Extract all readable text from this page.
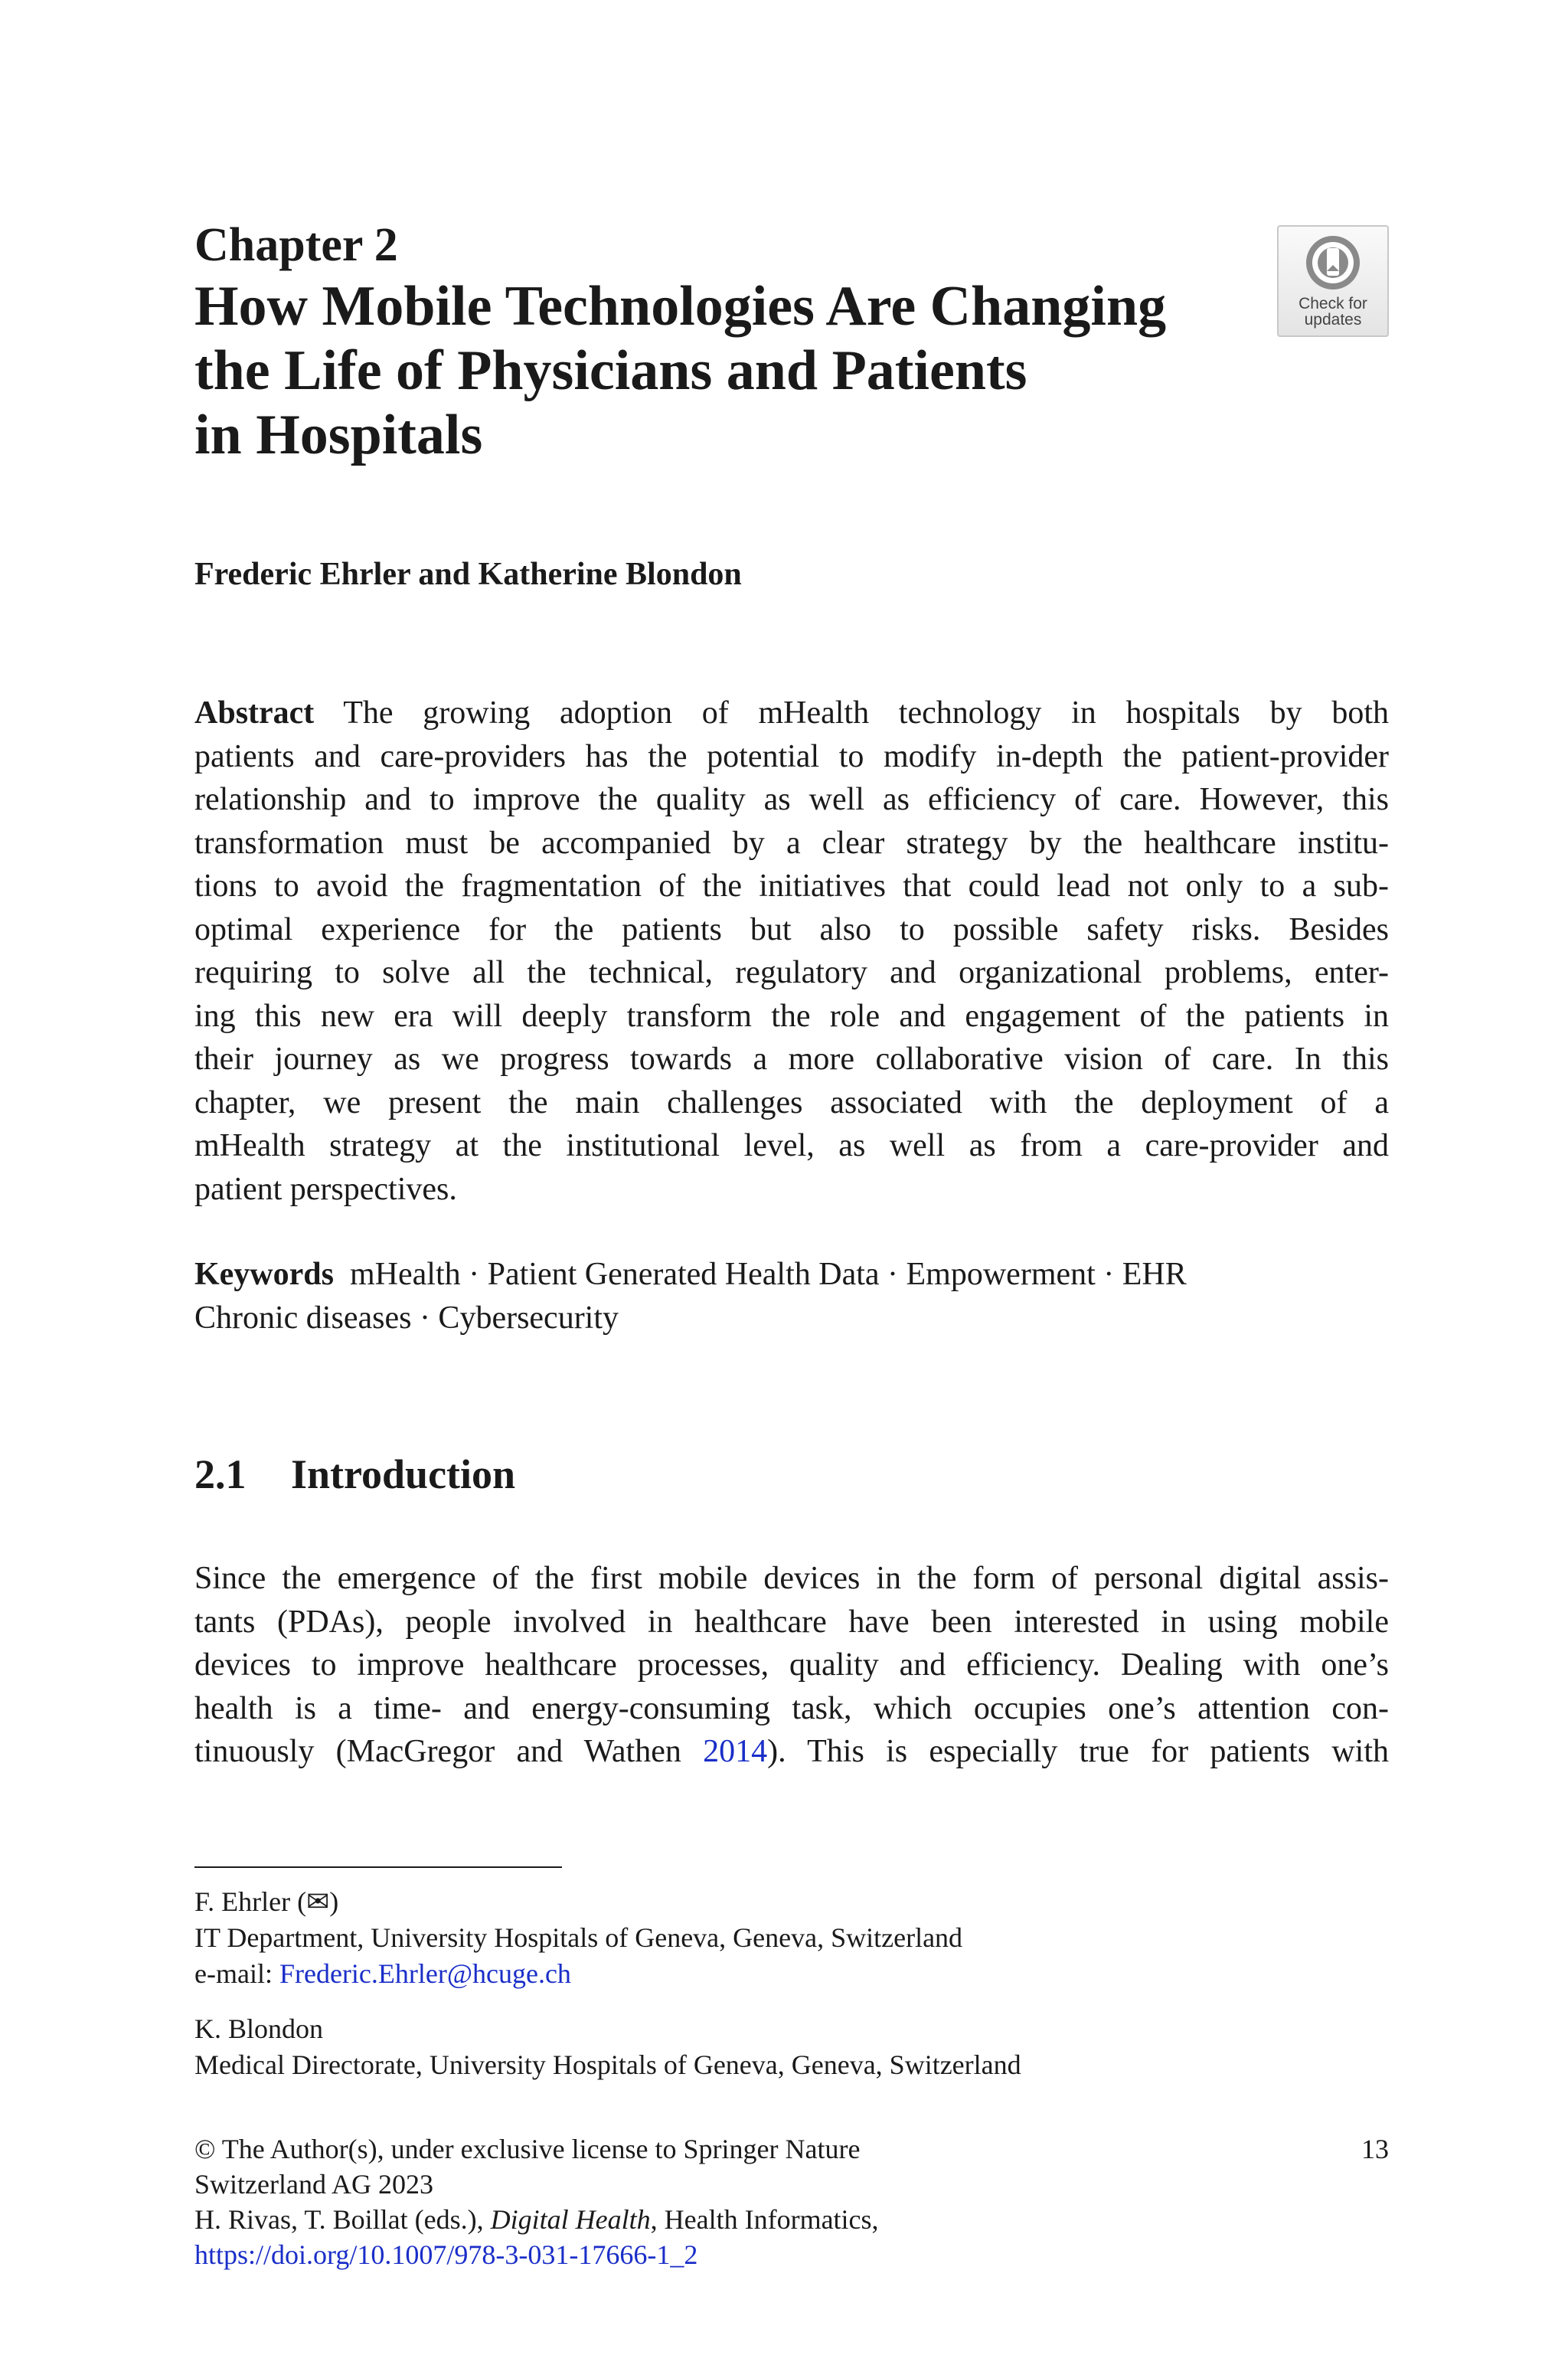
Chapter 2
How Mobile Technologies Are Changing
the Life of Physicians and Patients
in Hospitals
Check for
updates
Frederic Ehrler and Katherine Blondon
Abstract The growing adoption of mHealth technology in hospitals by both
patients and care-providers has the potential to modify in-depth the patient-provider
relationship and to improve the quality as well as efficiency of care. However, this
transformation must be accompanied by a clear strategy by the healthcare institu-
tions to avoid the fragmentation of the initiatives that could lead not only to a sub-
optimal experience for the patients but also to possible safety risks. Besides
requiring to solve all the technical, regulatory and organizational problems, enter-
ing this new era will deeply transform the role and engagement of the patients in
their journey as we progress towards a more collaborative vision of care. In this
chapter, we present the main challenges associated with the deployment of a
mHealth strategy at the institutional level, as well as from a care-provider and
patient perspectives.
Keywords mHealth · Patient Generated Health Data · Empowerment · EHR
Chronic diseases · Cybersecurity
2.1 Introduction
Since the emergence of the first mobile devices in the form of personal digital assis-
tants (PDAs), people involved in healthcare have been interested in using mobile
devices to improve healthcare processes, quality and efficiency. Dealing with one’s
health is a time- and energy-consuming task, which occupies one’s attention con-
tinuously (MacGregor and Wathen 2014). This is especially true for patients with
F. Ehrler (✉)
IT Department, University Hospitals of Geneva, Geneva, Switzerland
e-mail: Frederic.Ehrler@hcuge.ch
K. Blondon
Medical Directorate, University Hospitals of Geneva, Geneva, Switzerland
© The Author(s), under exclusive license to Springer Nature
Switzerland AG 2023
H. Rivas, T. Boillat (eds.), Digital Health, Health Informatics,
https://doi.org/10.1007/978-3-031-17666-1_2
13
